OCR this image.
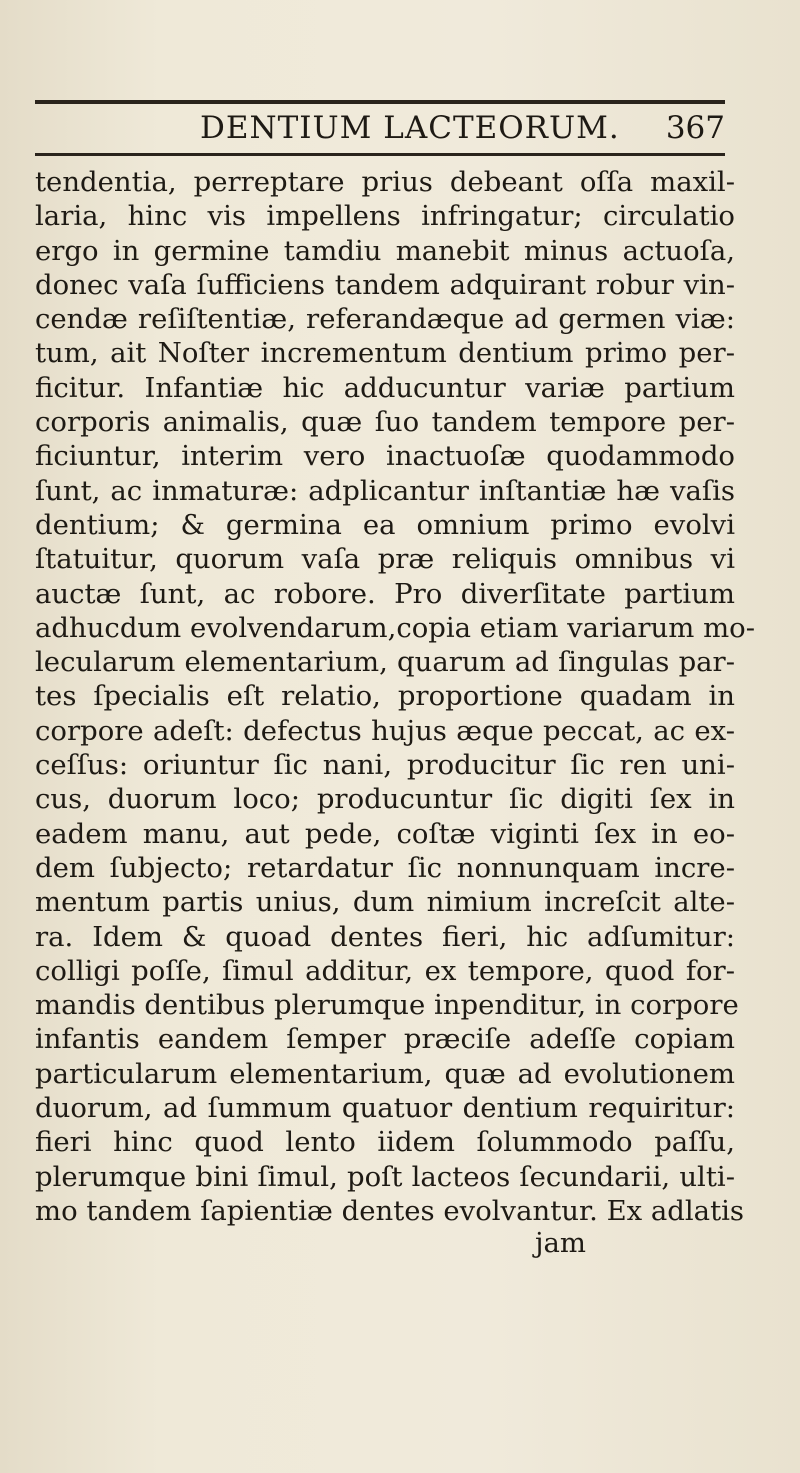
DENTIUM LACTEORUM. 367
tendentia, perreptare prius debeant oſſa maxil-
laria, hinc vis impellens infringatur; circulatio
ergo in germine tamdiu manebit minus actuoſa,
donec vaſa ſufficiens tandem adquirant robur vin-
cendæ reſiſtentiæ, referandæque ad germen viæ:
tum, ait Noſter incrementum dentium primo per-
ficitur. Infantiæ hic adducuntur variæ partium
corporis animalis, quæ ſuo tandem tempore per-
ficiuntur, interim vero inactuoſæ quodammodo
ſunt, ac inmaturæ: adplicantur inſtantiæ hæ vaſis
dentium; & germina ea omnium primo evolvi
ſtatuitur, quorum vaſa præ reliquis omnibus vi
auctæ ſunt, ac robore. Pro diverſitate partium
adhucdum evolvendarum,copia etiam variarum mo-
lecularum elementarium, quarum ad ſingulas par-
tes ſpecialis eſt relatio, proportione quadam in
corpore adeſt: defectus hujus æque peccat, ac ex-
ceſſus: oriuntur ſic nani, producitur ſic ren uni-
cus, duorum loco; producuntur ſic digiti ſex in
eadem manu, aut pede, coſtæ viginti ſex in eo-
dem ſubjecto; retardatur ſic nonnunquam incre-
mentum partis unius, dum nimium increſcit alte-
ra. Idem & quoad dentes fieri, hic adſumitur:
colligi poſſe, ſimul additur, ex tempore, quod for-
mandis dentibus plerumque inpenditur, in corpore
infantis eandem ſemper præciſe adeſſe copiam
particularum elementarium, quæ ad evolutionem
duorum, ad ſummum quatuor dentium requiritur:
fieri hinc quod lento iidem ſolummodo paſſu,
plerumque bini ſimul, poſt lacteos ſecundarii, ulti-
mo tandem ſapientiæ dentes evolvantur. Ex adlatis
jam
